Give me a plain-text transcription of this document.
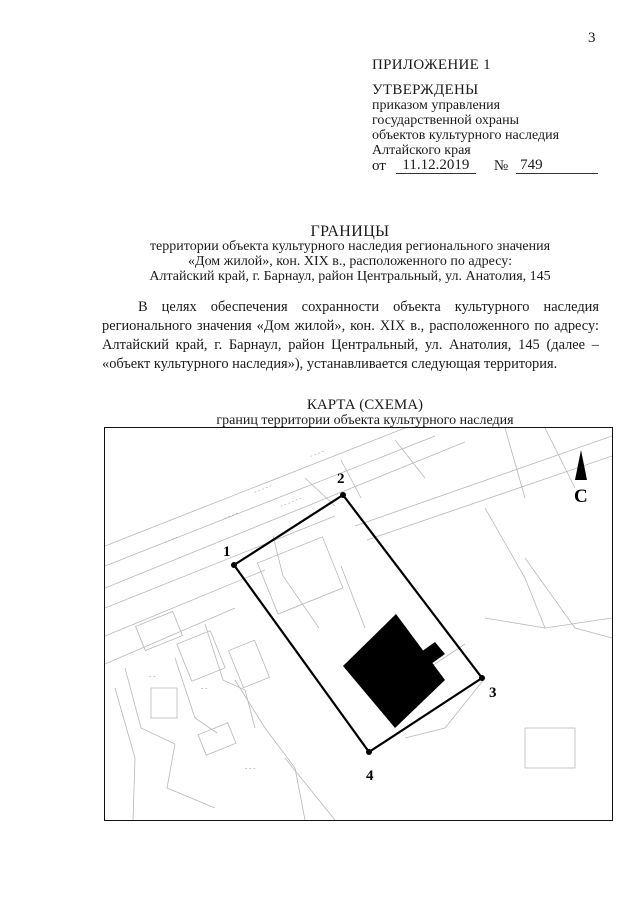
3
ПРИЛОЖЕНИЕ 1
УТВЕРЖДЕНЫ
приказом управления
государственной охраны
объектов культурного наследия
Алтайского края
от	11.12.2019	№ 749
ГРАНИЦЫ
территории объекта культурного наследия регионального значения
«Дом жилой», кон. XIX в., расположенного по адресу:
Алтайский край, г. Барнаул, район Центральный, ул. Анатолия, 145
В целях обеспечения сохранности объекта культурного наследия регионального значения «Дом жилой», кон. XIX в., расположенного по адресу: Алтайский край, г. Барнаул, район Центральный, ул. Анатолия, 145 (далее – «объект культурного наследия»), устанавливается следующая территория.
КАРТА (СХЕМА)
границ территории объекта культурного наследия
- - - -
- - - -
- - - - -
- - - - - -
- - - -
- -
- -
- - -
1
2
3
4
С
